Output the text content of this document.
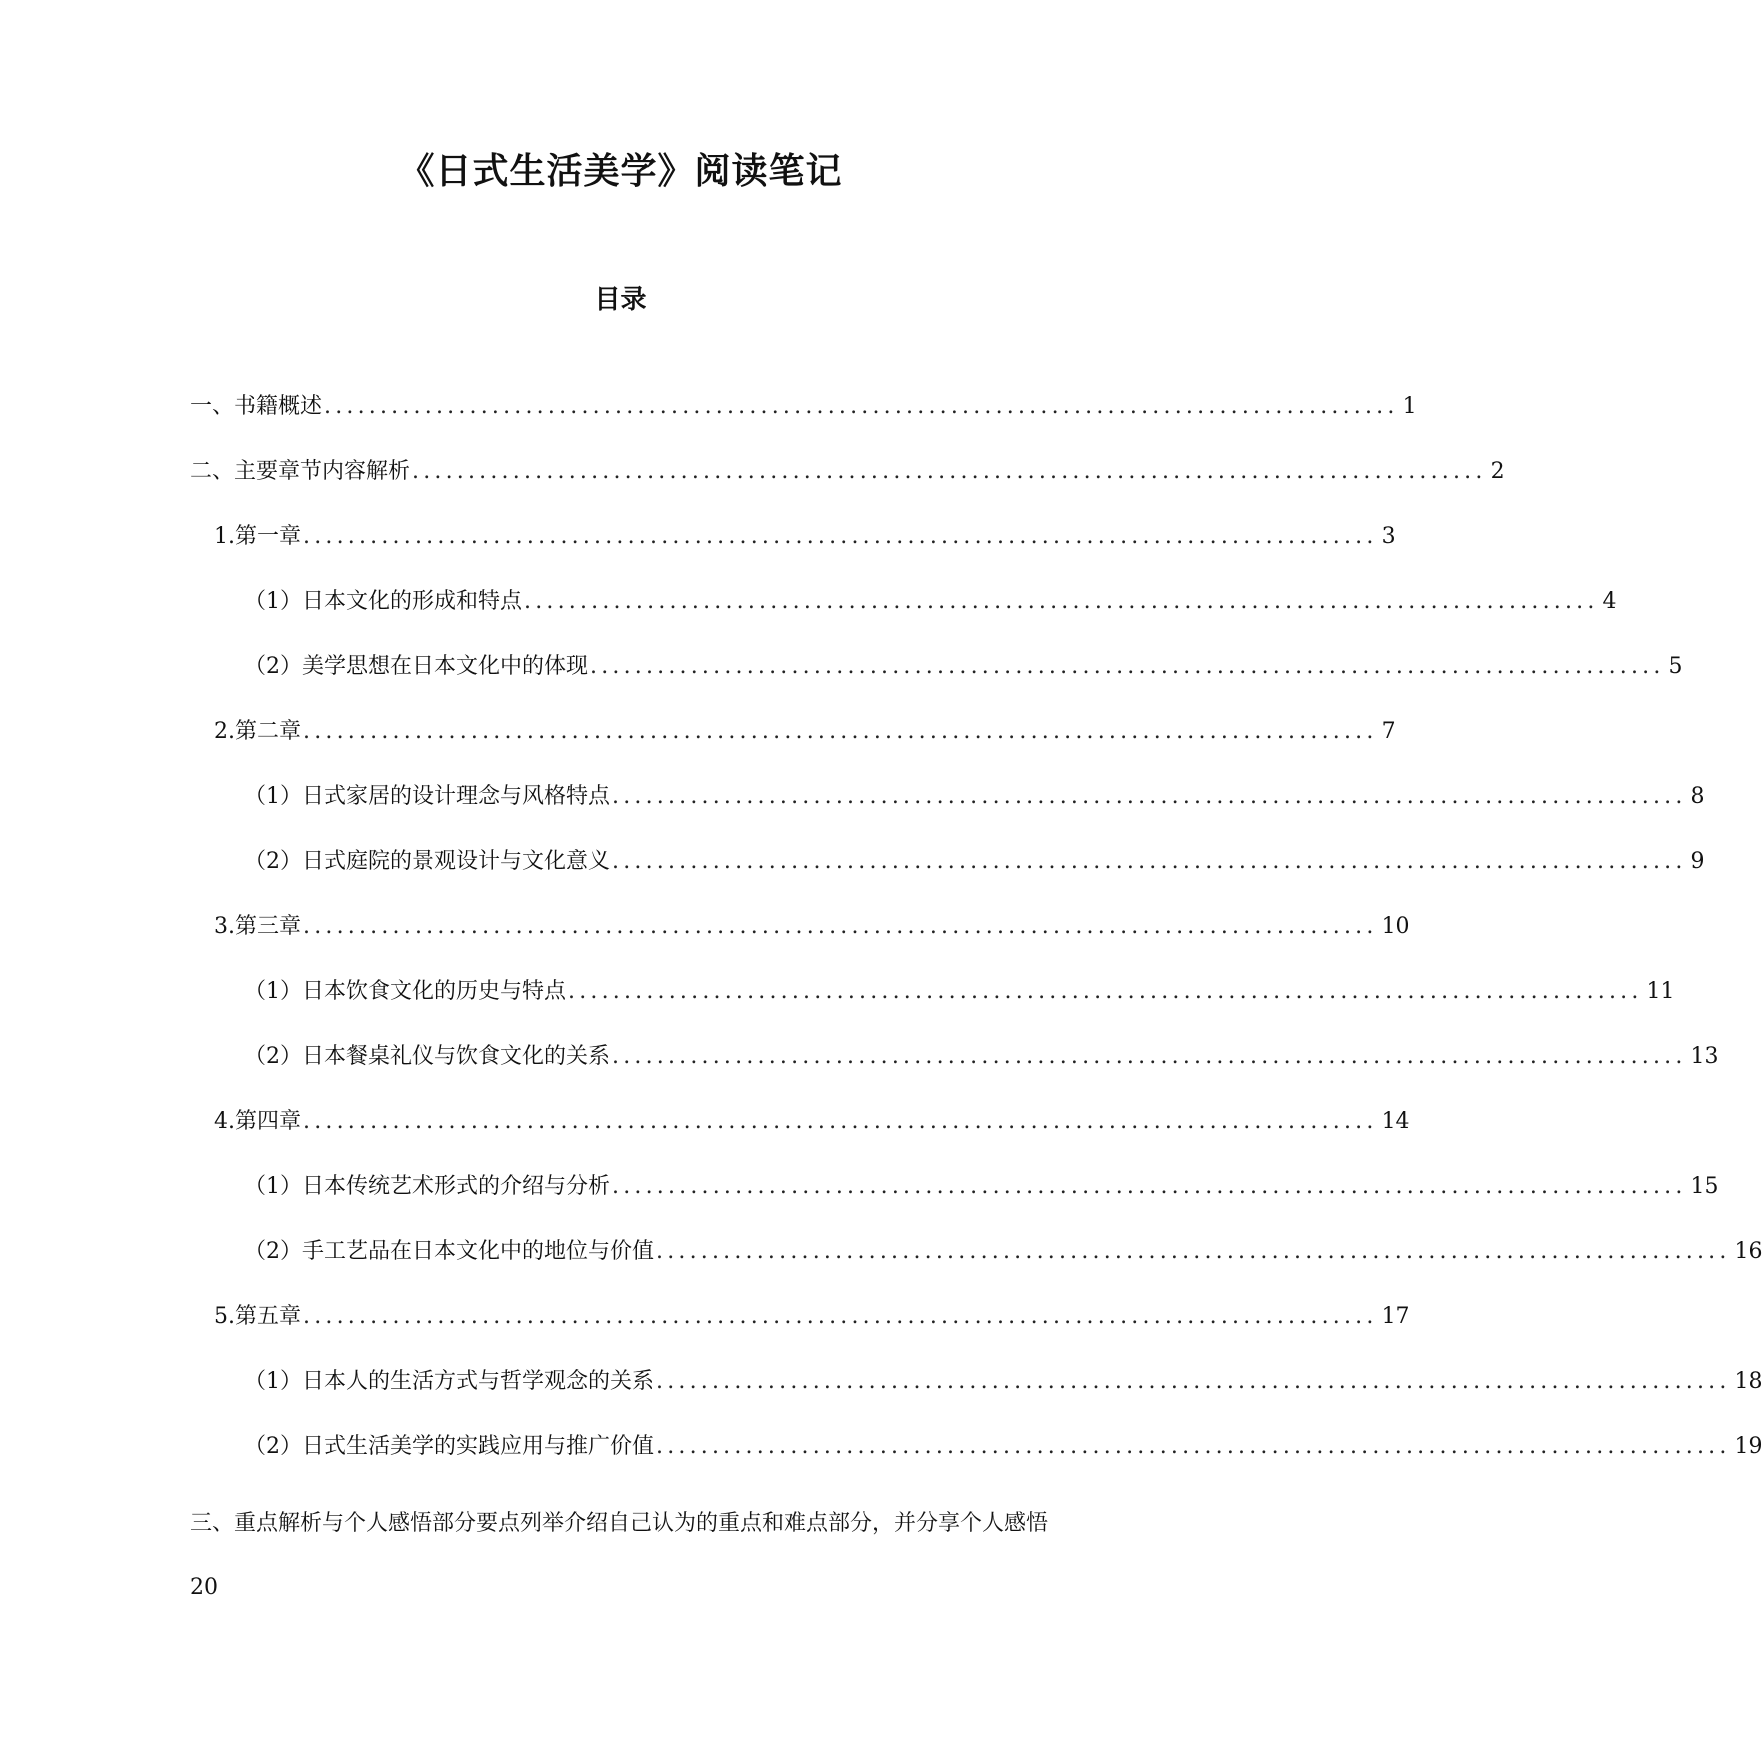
《日式生活美学》阅读笔记
目录
一、书籍概述 ................................................................................................ 1
二、主要章节内容解析 ................................................................................................ 2
1. 第一章 ................................................................................................ 3
（1）日本文化的形成和特点 ................................................................................................ 4
（2）美学思想在日本文化中的体现 ................................................................................................ 5
2. 第二章 ................................................................................................ 7
（1）日式家居的设计理念与风格特点 ................................................................................................ 8
（2）日式庭院的景观设计与文化意义 ................................................................................................ 9
3. 第三章 ................................................................................................ 10
（1）日本饮食文化的历史与特点 ................................................................................................ 11
（2）日本餐桌礼仪与饮食文化的关系 ................................................................................................ 13
4. 第四章 ................................................................................................ 14
（1）日本传统艺术形式的介绍与分析 ................................................................................................ 15
（2）手工艺品在日本文化中的地位与价值 ................................................................................................ 16
5. 第五章 ................................................................................................ 17
（1）日本人的生活方式与哲学观念的关系 ................................................................................................ 18
（2）日式生活美学的实践应用与推广价值 ................................................................................................ 19
三、重点解析与个人感悟部分要点列举介绍自己认为的重点和难点部分，并分享个人感悟20
